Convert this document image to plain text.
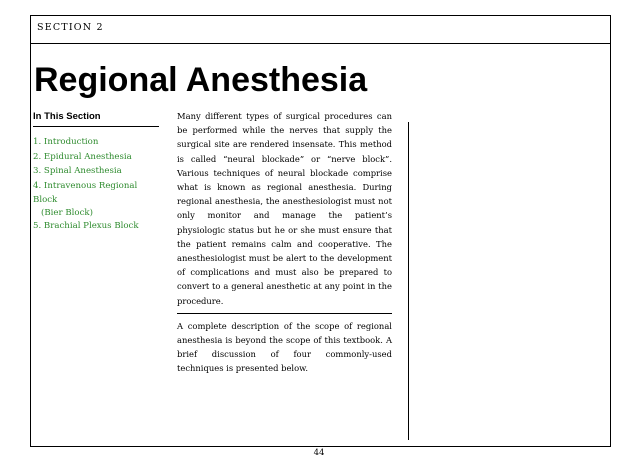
SECTION 2
Regional Anesthesia
In This Section
1. Introduction
2. Epidural Anesthesia
3. Spinal Anesthesia
4. Intravenous Regional Block
(Bier Block)
5. Brachial Plexus Block

Many different types of surgical procedures can be performed while the nerves that supply the surgical site are rendered insensate. This method is called “neural blockade” or “nerve block”. Various techniques of neural blockade comprise what is known as regional anesthesia. During regional anesthesia, the anesthesiologist must not only monitor and manage the patient’s physiologic status but he or she must ensure that the patient remains calm and cooperative. The anesthesiologist must be alert to the development of complications and must also be prepared to convert to a general anesthetic at any point in the procedure.

A complete description of the scope of regional anesthesia is beyond the scope of this textbook. A brief discussion of four commonly-used techniques is presented below.

44
